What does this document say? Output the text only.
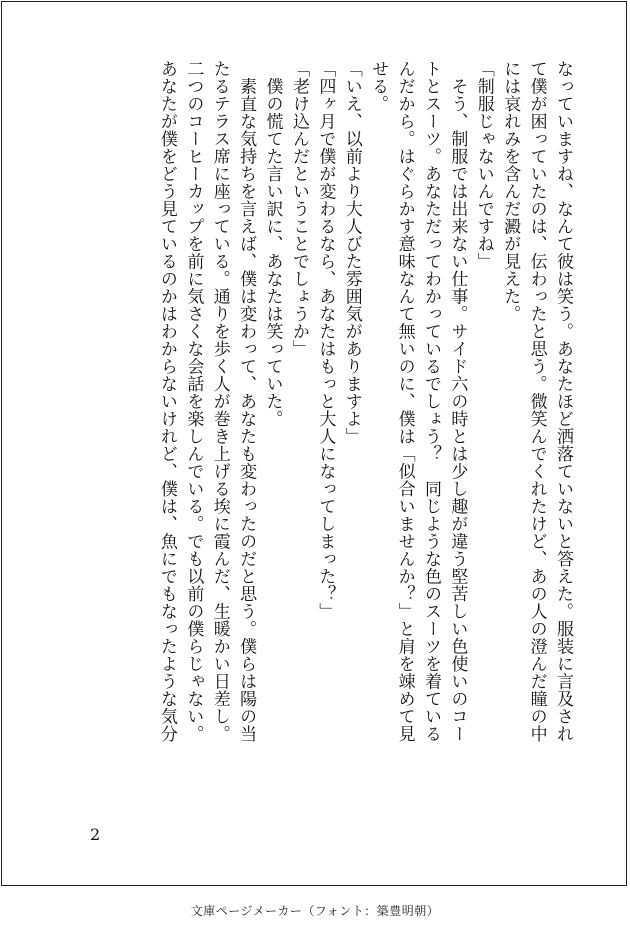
なっていますね、なんて彼は笑う。あなたほど洒落ていないと答えた。服装に言及され

て僕が困っていたのは、伝わったと思う。微笑んでくれたけど、あの人の澄んだ瞳の中

には哀れみを含んだ澱が見えた。

「制服じゃないんですね」

　そう、制服では出来ない仕事。サイド六の時とは少し趣が違う堅苦しい色使いのコー

トとスーツ。あなただってわかっているでしょう？　同じような色のスーツを着ている

んだから。はぐらかす意味なんて無いのに、僕は「似合いませんか？」と肩を竦めて見

せる。

「いえ、以前より大人びた雰囲気がありますよ」

「四ヶ月で僕が変わるなら、あなたはもっと大人になってしまった？」

「老け込んだということでしょうか」

　僕の慌てた言い訳に、あなたは笑っていた。

　素直な気持ちを言えば、僕は変わって、あなたも変わったのだと思う。僕らは陽の当

たるテラス席に座っている。通りを歩く人が巻き上げる埃に霞んだ、生暖かい日差し。

二つのコーヒーカップを前に気さくな会話を楽しんでいる。でも以前の僕らじゃない。

あなたが僕をどう見ているのかはわからないけれど、僕は、魚にでもなったような気分

2
文庫ページメーカー（フォント：築豊明朝）
